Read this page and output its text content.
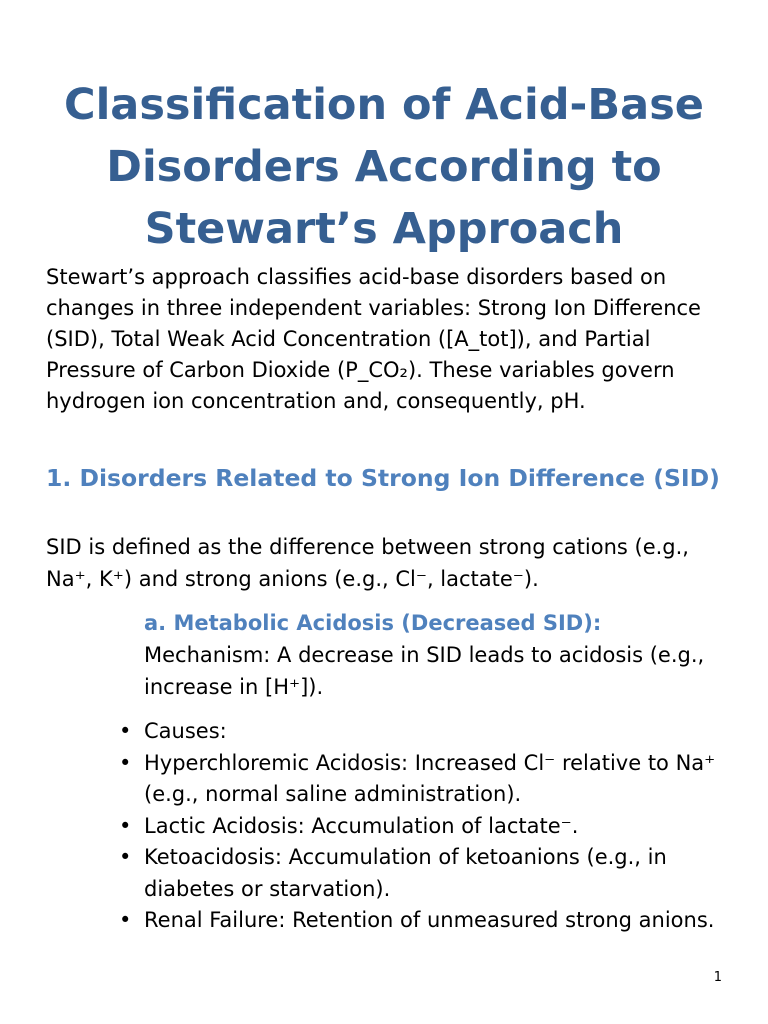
Classification of Acid-Base Disorders According to Stewart’s Approach

Stewart’s approach classifies acid-base disorders based on changes in three independent variables: Strong Ion Difference (SID), Total Weak Acid Concentration ([A_tot]), and Partial Pressure of Carbon Dioxide (P_CO₂). These variables govern hydrogen ion concentration and, consequently, pH.

1. Disorders Related to Strong Ion Difference (SID)

SID is defined as the difference between strong cations (e.g., Na⁺, K⁺) and strong anions (e.g., Cl⁻, lactate⁻).

a. Metabolic Acidosis (Decreased SID):
Mechanism: A decrease in SID leads to acidosis (e.g., increase in [H⁺]).
• Causes:
• Hyperchloremic Acidosis: Increased Cl⁻ relative to Na⁺ (e.g., normal saline administration).
• Lactic Acidosis: Accumulation of lactate⁻.
• Ketoacidosis: Accumulation of ketoanions (e.g., in diabetes or starvation).
• Renal Failure: Retention of unmeasured strong anions.
1
